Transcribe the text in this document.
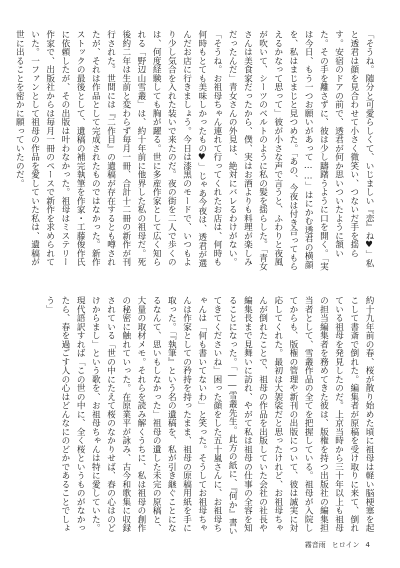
「そうね。随分と可愛らしくて、いじましい『恋』ね♥」私と透君は顔を見合わせて小さく微笑い、つないだ手を揺らす。安宿のドアの前で、透君が何か思いついたように頷いた。その手を離さずに、彼は少し躊躇うように口を開く。「実は今日、もう一つお願いがあって……」はにかむ透君の横顔を、私はまじまじと見つめた。「あの、今夜は付き合ってもらえるかなって思って」彼が小さな声で言うと、ふわりと夜風が吹いて、シーツのベルトのように私の髪を揺らした。「青女さんは美食家だったから、僕、実はお酒よりも料理が楽しみだったんだ」青女さんの外見は、絶対にバレるわけがない。「そうね。お祖母ちゃん連れて行ってくれたお店は、何時も何時もとても美味しかったもの♥」じゃあ今夜は、透君が選んだお店に行きましょう。今日は漆黒のモードで、いつもより少し気合を入れた装いで来たのだ。夜の街を二人で歩くのは、何度経験しても胸が躍る。世に多産作家として広く知られる「野辺山雪叢」は、約十年前に他界した私の祖母だ。死後約二年は生前と変わらず毎月一冊、合計十二冊の新作が刊行された。世間には『二作目』の遺稿が存在するとも噂されたが、それは作品として完成されたものではなかった。新作ストックの最後として、遺稿の補完執筆を作家・工藤俊作氏に依頼したが、その出版は叶わなかった。祖母はミステリー作家で、出版社からは毎月一冊のペースで新作を求められていた。一ファンとして祖母の作品を愛していた私は、遺稿が世に出ることを密かに願っていたのだ。
約十九年前の春、桜が散り始めた頃に祖母は軽い脳梗塞を起こして書斎で倒れた。編集者が原稿を受け取りに来て、倒れている祖母を発見したのだ。上京当時から三十年以上も祖母の担当編集者を務めてきた彼は、版権を持つ出版社の編集担当者として、雪叢作品の全てを把握している。祖母が入院してからも、版権の管理や新刊の出版について、彼は誠実に対応してくれた。最初は大袈裟だと思ったけれど、お祖母ちゃんが倒れたことで、祖母の作品を出版していた会社の社長や編集長まで見舞いに訪れ、やがて私は祖母の仕事の全容を知ることになった。「――雪叢先生。此方の紙に、『何か』書いてきてくださいね」困った顔をした五十嵐さんに、お祖母ちゃんは「何も書いてないわ」と笑った。そうしてお祖母ちゃんは作家としての矜持を持ったまま、祖母の原稿用紙を手に取った。「『執筆』という名の遺稿を、私が引き継ぐことになるなんて、思いもしなかった」祖母の遺した未完の原稿と、大量の取材メモ。それらを読み解くうちに、私は祖母の創作の秘密に触れていった。在原業平が詠み、古今和歌集に収録されている「世の中にたえて桜のなかりせば、春の心はのどけからまし」という歌を、お祖母ちゃんは特に愛していた。現代語訳すれば「この世の中に、全く桜というものがなかったら、春を過ごす人の心はどんなにのどかであることでしょう」
霧音雨 ヒロイン 4
